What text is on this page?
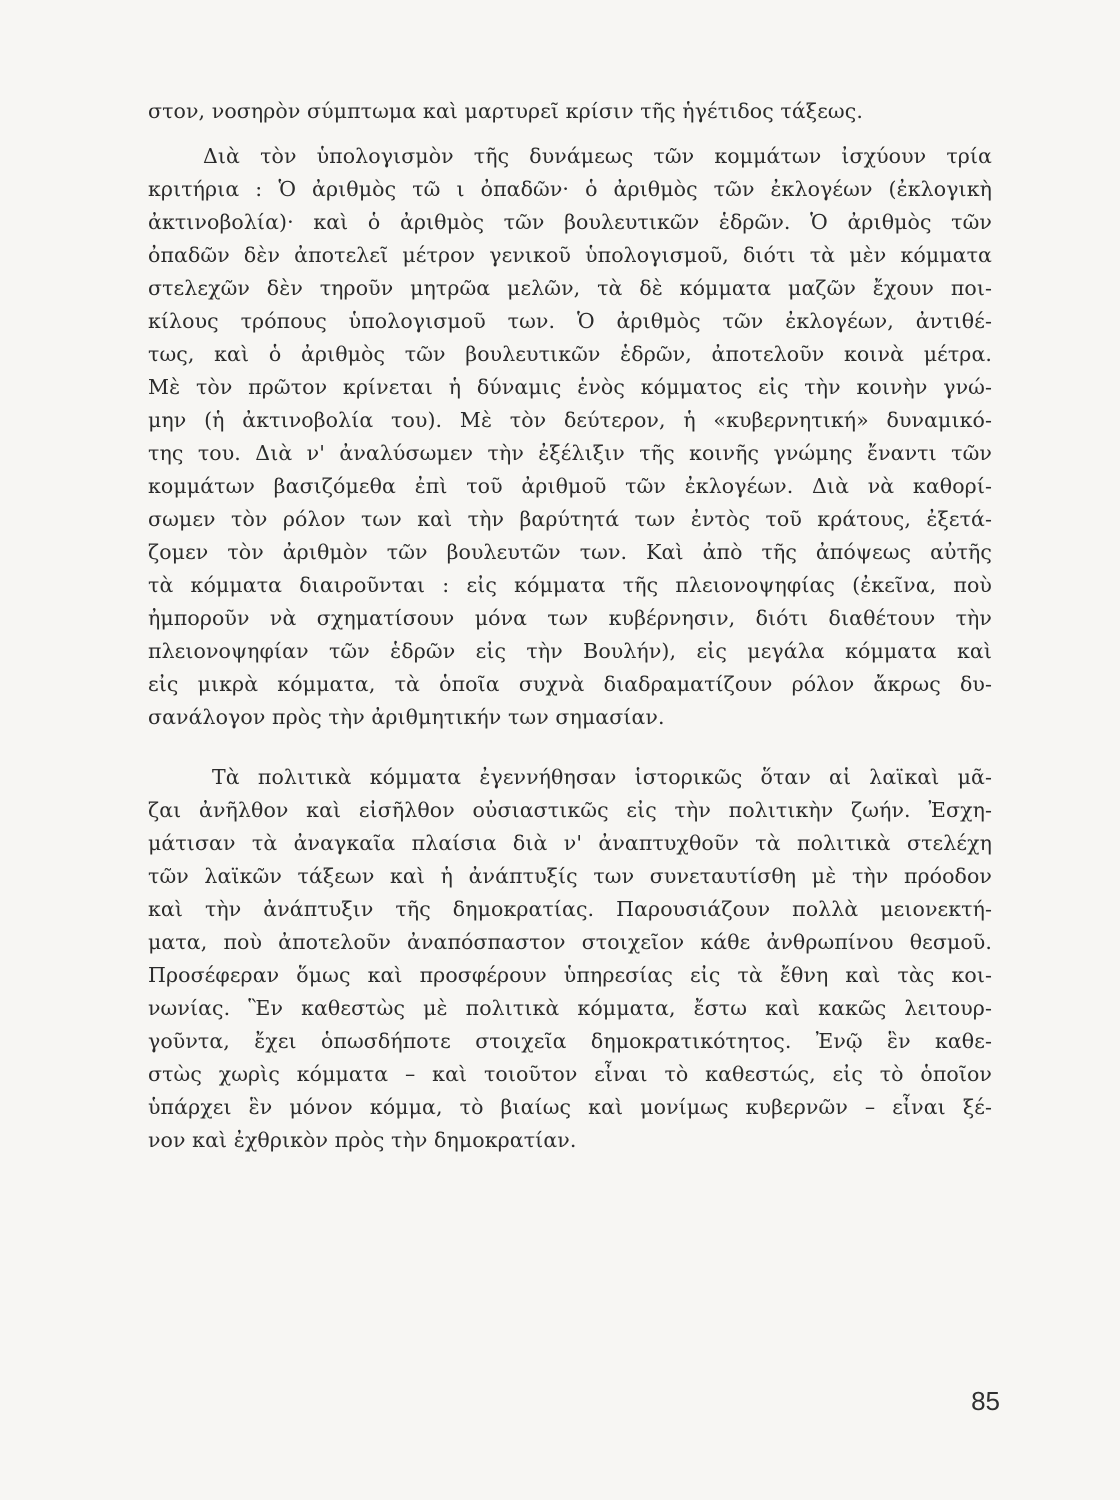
στον, νοσηρὸν σύμπτωμα καὶ μαρτυρεῖ κρίσιν τῆς ἡγέτιδος τάξεως.
Διὰ τὸν ὑπολογισμὸν τῆς δυνάμεως τῶν κομμάτων ἰσχύουν τρία
κριτήρια : Ὁ ἀριθμὸς τῶ ι ὀπαδῶν· ὁ ἀριθμὸς τῶν ἐκλογέων (ἐκλογικὴ
ἀκτινοβολία)· καὶ ὁ ἀριθμὸς τῶν βουλευτικῶν ἑδρῶν. Ὁ ἀριθμὸς τῶν
ὀπαδῶν δὲν ἀποτελεῖ μέτρον γενικοῦ ὑπολογισμοῦ, διότι τὰ μὲν κόμματα
στελεχῶν δὲν τηροῦν μητρῶα μελῶν, τὰ δὲ κόμματα μαζῶν ἔχουν ποι-
κίλους τρόπους ὑπολογισμοῦ των. Ὁ ἀριθμὸς τῶν ἐκλογέων, ἀντιθέ-
τως, καὶ ὁ ἀριθμὸς τῶν βουλευτικῶν ἑδρῶν, ἀποτελοῦν κοινὰ μέτρα.
Μὲ τὸν πρῶτον κρίνεται ἡ δύναμις ἑνὸς κόμματος εἰς τὴν κοινὴν γνώ-
μην (ἡ ἀκτινοβολία του). Μὲ τὸν δεύτερον, ἡ «κυβερνητική» δυναμικό-
της του. Διὰ ν' ἀναλύσωμεν τὴν ἐξέλιξιν τῆς κοινῆς γνώμης ἔναντι τῶν
κομμάτων βασιζόμεθα ἐπὶ τοῦ ἀριθμοῦ τῶν ἐκλογέων. Διὰ νὰ καθορί-
σωμεν τὸν ρόλον των καὶ τὴν βαρύτητά των ἐντὸς τοῦ κράτους, ἐξετά-
ζομεν τὸν ἀριθμὸν τῶν βουλευτῶν των. Καὶ ἀπὸ τῆς ἀπόψεως αὐτῆς
τὰ κόμματα διαιροῦνται : εἰς κόμματα τῆς πλειονοψηφίας (ἐκεῖνα, ποὺ
ἠμποροῦν νὰ σχηματίσουν μόνα των κυβέρνησιν, διότι διαθέτουν τὴν
πλειονοψηφίαν τῶν ἑδρῶν εἰς τὴν Βουλήν), εἰς μεγάλα κόμματα καὶ
εἰς μικρὰ κόμματα, τὰ ὁποῖα συχνὰ διαδραματίζουν ρόλον ἄκρως δυ-
σανάλογον πρὸς τὴν ἀριθμητικήν των σημασίαν.
Τὰ πολιτικὰ κόμματα ἐγεννήθησαν ἱστορικῶς ὅταν αἱ λαϊκαὶ μᾶ-
ζαι ἀνῆλθον καὶ εἰσῆλθον οὐσιαστικῶς εἰς τὴν πολιτικὴν ζωήν. Ἐσχη-
μάτισαν τὰ ἀναγκαῖα πλαίσια διὰ ν' ἀναπτυχθοῦν τὰ πολιτικὰ στελέχη
τῶν λαϊκῶν τάξεων καὶ ἡ ἀνάπτυξίς των συνεταυτίσθη μὲ τὴν πρόοδον
καὶ τὴν ἀνάπτυξιν τῆς δημοκρατίας. Παρουσιάζουν πολλὰ μειονεκτή-
ματα, ποὺ ἀποτελοῦν ἀναπόσπαστον στοιχεῖον κάθε ἀνθρωπίνου θεσμοῦ.
Προσέφεραν ὅμως καὶ προσφέρουν ὑπηρεσίας εἰς τὰ ἔθνη καὶ τὰς κοι-
νωνίας. Ἓν καθεστὼς μὲ πολιτικὰ κόμματα, ἔστω καὶ κακῶς λειτουρ-
γοῦντα, ἔχει ὁπωσδήποτε στοιχεῖα δημοκρατικότητος. Ἐνῷ ἓν καθε-
στὼς χωρὶς κόμματα – καὶ τοιοῦτον εἶναι τὸ καθεστώς, εἰς τὸ ὁποῖον
ὑπάρχει ἓν μόνον κόμμα, τὸ βιαίως καὶ μονίμως κυβερνῶν – εἶναι ξέ-
νον καὶ ἐχθρικὸν πρὸς τὴν δημοκρατίαν.
85
